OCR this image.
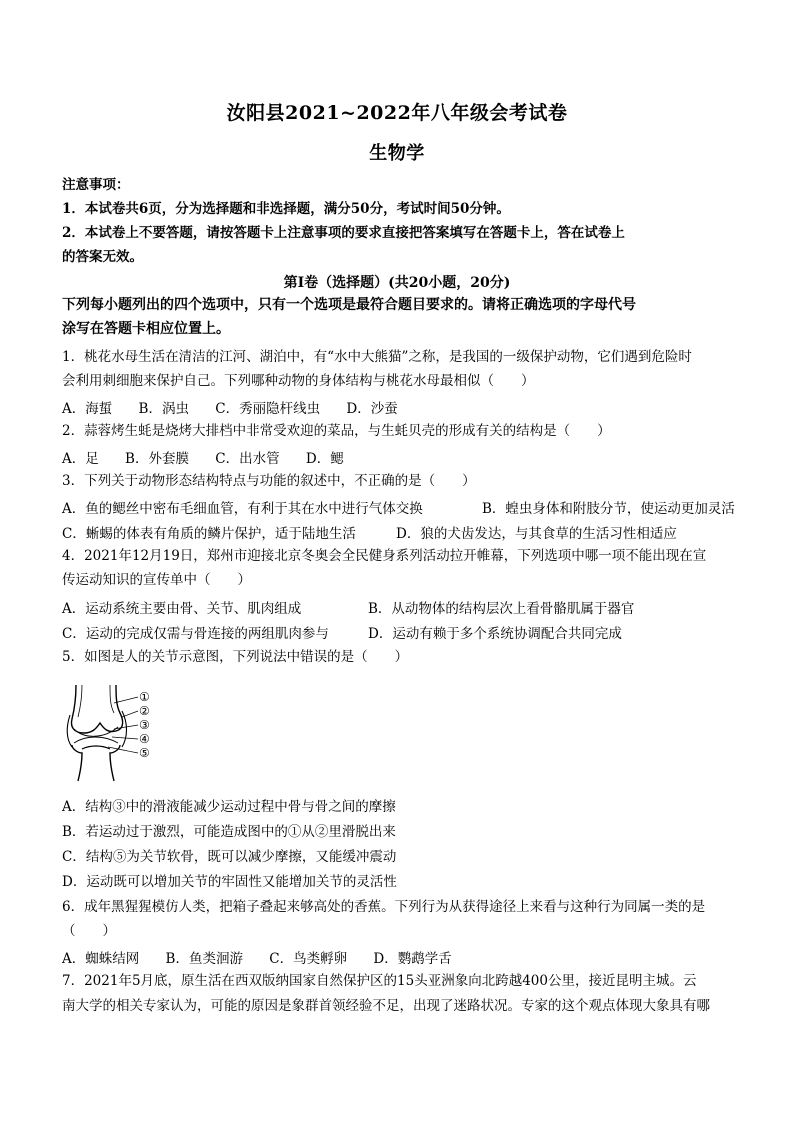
汝阳县2021~2022年八年级会考试卷
生物学
注意事项：
1．本试卷共6页，分为选择题和非选择题，满分50分，考试时间50分钟。
2．本试卷上不要答题，请按答题卡上注意事项的要求直接把答案填写在答题卡上，答在试卷上
的答案无效。
第Ⅰ卷（选择题）(共20小题，20分)
下列每小题列出的四个选项中，只有一个选项是最符合题目要求的。请将正确选项的字母代号
涂写在答题卡相应位置上。
1．桃花水母生活在清洁的江河、湖泊中，有“水中大熊猫”之称，是我国的一级保护动物，它们遇到危险时
会利用刺细胞来保护自己。下列哪种动物的身体结构与桃花水母最相似（　　）
A．海蜇 B．涡虫 C．秀丽隐杆线虫 D．沙蚕
2．蒜蓉烤生蚝是烧烤大排档中非常受欢迎的菜品，与生蚝贝壳的形成有关的结构是（　　）
A．足 B．外套膜 C．出水管 D．鳃
3．下列关于动物形态结构特点与功能的叙述中，不正确的是（　　）
A．鱼的鳃丝中密布毛细血管，有利于其在水中进行气体交换	B．蝗虫身体和附肢分节，使运动更加灵活
C．蜥蜴的体表有角质的鳞片保护，适于陆地生活	D．狼的犬齿发达，与其食草的生活习性相适应
4．2021年12月19日，郑州市迎接北京冬奥会全民健身系列活动拉开帷幕，下列选项中哪一项不能出现在宣
传运动知识的宣传单中（　　）
A．运动系统主要由骨、关节、肌肉组成	B．从动物体的结构层次上看骨骼肌属于器官
C．运动的完成仅需与骨连接的两组肌肉参与	D．运动有赖于多个系统协调配合共同完成
5．如图是人的关节示意图，下列说法中错误的是（　　）
①
②
③
④
⑤
A．结构③中的滑液能减少运动过程中骨与骨之间的摩擦
B．若运动过于激烈，可能造成图中的①从②里滑脱出来
C．结构⑤为关节软骨，既可以减少摩擦，又能缓冲震动
D．运动既可以增加关节的牢固性又能增加关节的灵活性
6．成年黑猩猩模仿人类，把箱子叠起来够高处的香蕉。下列行为从获得途径上来看与这种行为同属一类的是
（　　）
A．蜘蛛结网 B．鱼类洄游 C．鸟类孵卵 D．鹦鹉学舌
7．2021年5月底，原生活在西双版纳国家自然保护区的15头亚洲象向北跨越400公里，接近昆明主城。云
南大学的相关专家认为，可能的原因是象群首领经验不足，出现了迷路状况。专家的这个观点体现大象具有哪
